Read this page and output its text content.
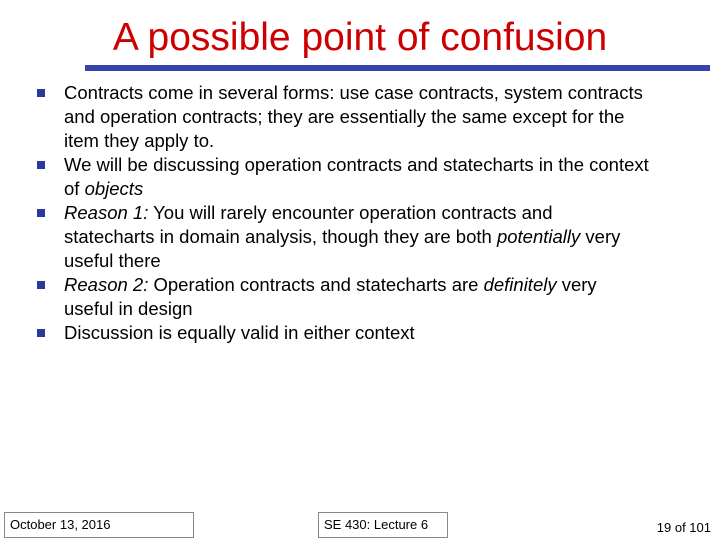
A possible point of confusion
Contracts come in several forms: use case contracts, system contracts
and operation contracts; they are essentially the same except for the
item they apply to.
We will be discussing operation contracts and statecharts in the context
of objects
Reason 1: You will rarely encounter operation contracts and
statecharts in domain analysis, though they are both potentially very
useful there
Reason 2: Operation contracts and statecharts are definitely very
useful in design
Discussion is equally valid in either context
October 13, 2016	SE 430: Lecture 6	19 of 101
